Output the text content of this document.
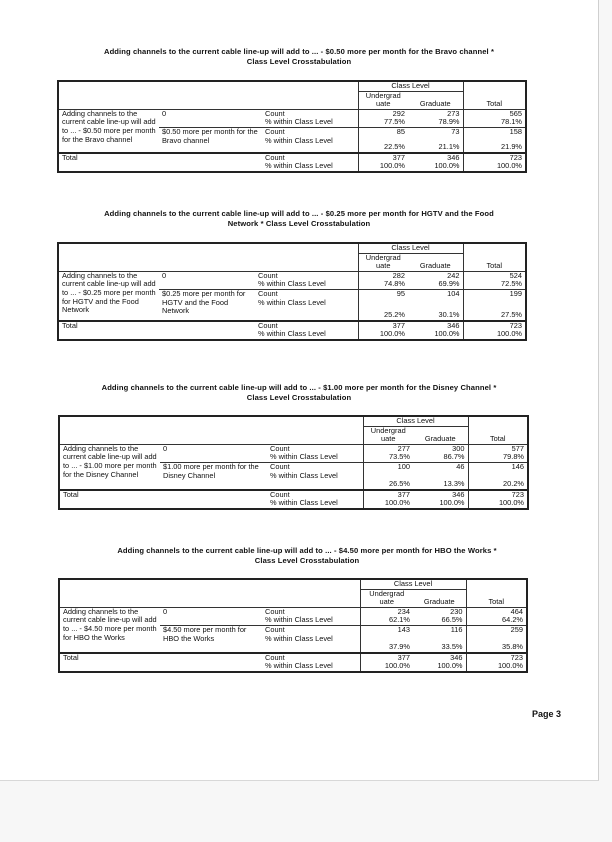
Adding channels to the current cable line-up will add to ... - $0.50 more per month for the Bravo channel *
Class Level Crosstabulation
			Class Level		
			Undergrad uate	Graduate	Total
Adding channels to the current cable line-up will add to ... - $0.50 more per month for the Bravo channel	0	Count	292	273	565
		% within Class Level	77.5%	78.9%	78.1%
	$0.50 more per month for the Bravo channel	Count	85	73	158
		% within Class Level	22.5%	21.1%	21.9%
Total		Count	377	346	723
		% within Class Level	100.0%	100.0%	100.0%
Adding channels to the current cable line-up will add to ... - $0.25 more per month for HGTV and the Food
Network * Class Level Crosstabulation
			Class Level		
			Undergrad uate	Graduate	Total
Adding channels to the current cable line-up will add to ... - $0.25 more per month for HGTV and the Food Network	0	Count	282	242	524
		% within Class Level	74.8%	69.9%	72.5%
	$0.25 more per month for HGTV and the Food Network	Count	95	104	199
		% within Class Level	25.2%	30.1%	27.5%
Total		Count	377	346	723
		% within Class Level	100.0%	100.0%	100.0%
Adding channels to the current cable line-up will add to ... - $1.00 more per month for the Disney Channel *
Class Level Crosstabulation
			Class Level		
			Undergrad uate	Graduate	Total
Adding channels to the current cable line-up will add to ... - $1.00 more per month for the Disney Channel	0	Count	277	300	577
		% within Class Level	73.5%	86.7%	79.8%
	$1.00 more per month for the Disney Channel	Count	100	46	146
		% within Class Level	26.5%	13.3%	20.2%
Total		Count	377	346	723
		% within Class Level	100.0%	100.0%	100.0%
Adding channels to the current cable line-up will add to ... - $4.50 more per month for HBO the Works *
Class Level Crosstabulation
			Class Level		
			Undergrad uate	Graduate	Total
Adding channels to the current cable line-up will add to ... - $4.50 more per month for HBO the Works	0	Count	234	230	464
		% within Class Level	62.1%	66.5%	64.2%
	$4.50 more per month for HBO the Works	Count	143	116	259
		% within Class Level	37.9%	33.5%	35.8%
Total		Count	377	346	723
		% within Class Level	100.0%	100.0%	100.0%
Page 3
